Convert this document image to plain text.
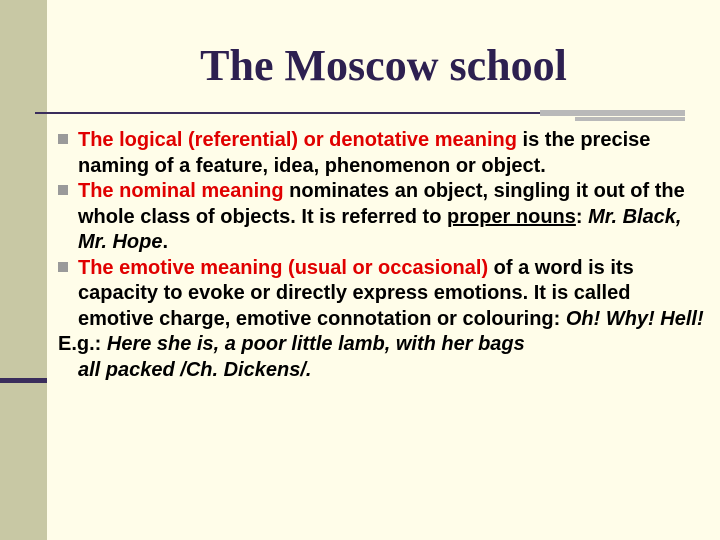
The Moscow school
The logical (referential) or denotative meaning is the precise naming of a feature, idea, phenomenon or object.
The nominal meaning nominates an object, singling it out of the whole class of objects. It is referred to proper nouns: Mr. Black, Mr. Hope.
The emotive meaning (usual or occasional) of a word is its capacity to evoke or directly express emotions. It is called emotive charge, emotive connotation or colouring: Oh! Why! Hell!
E.g.: Here she is, a poor little lamb, with her bags
all packed /Ch. Dickens/.
